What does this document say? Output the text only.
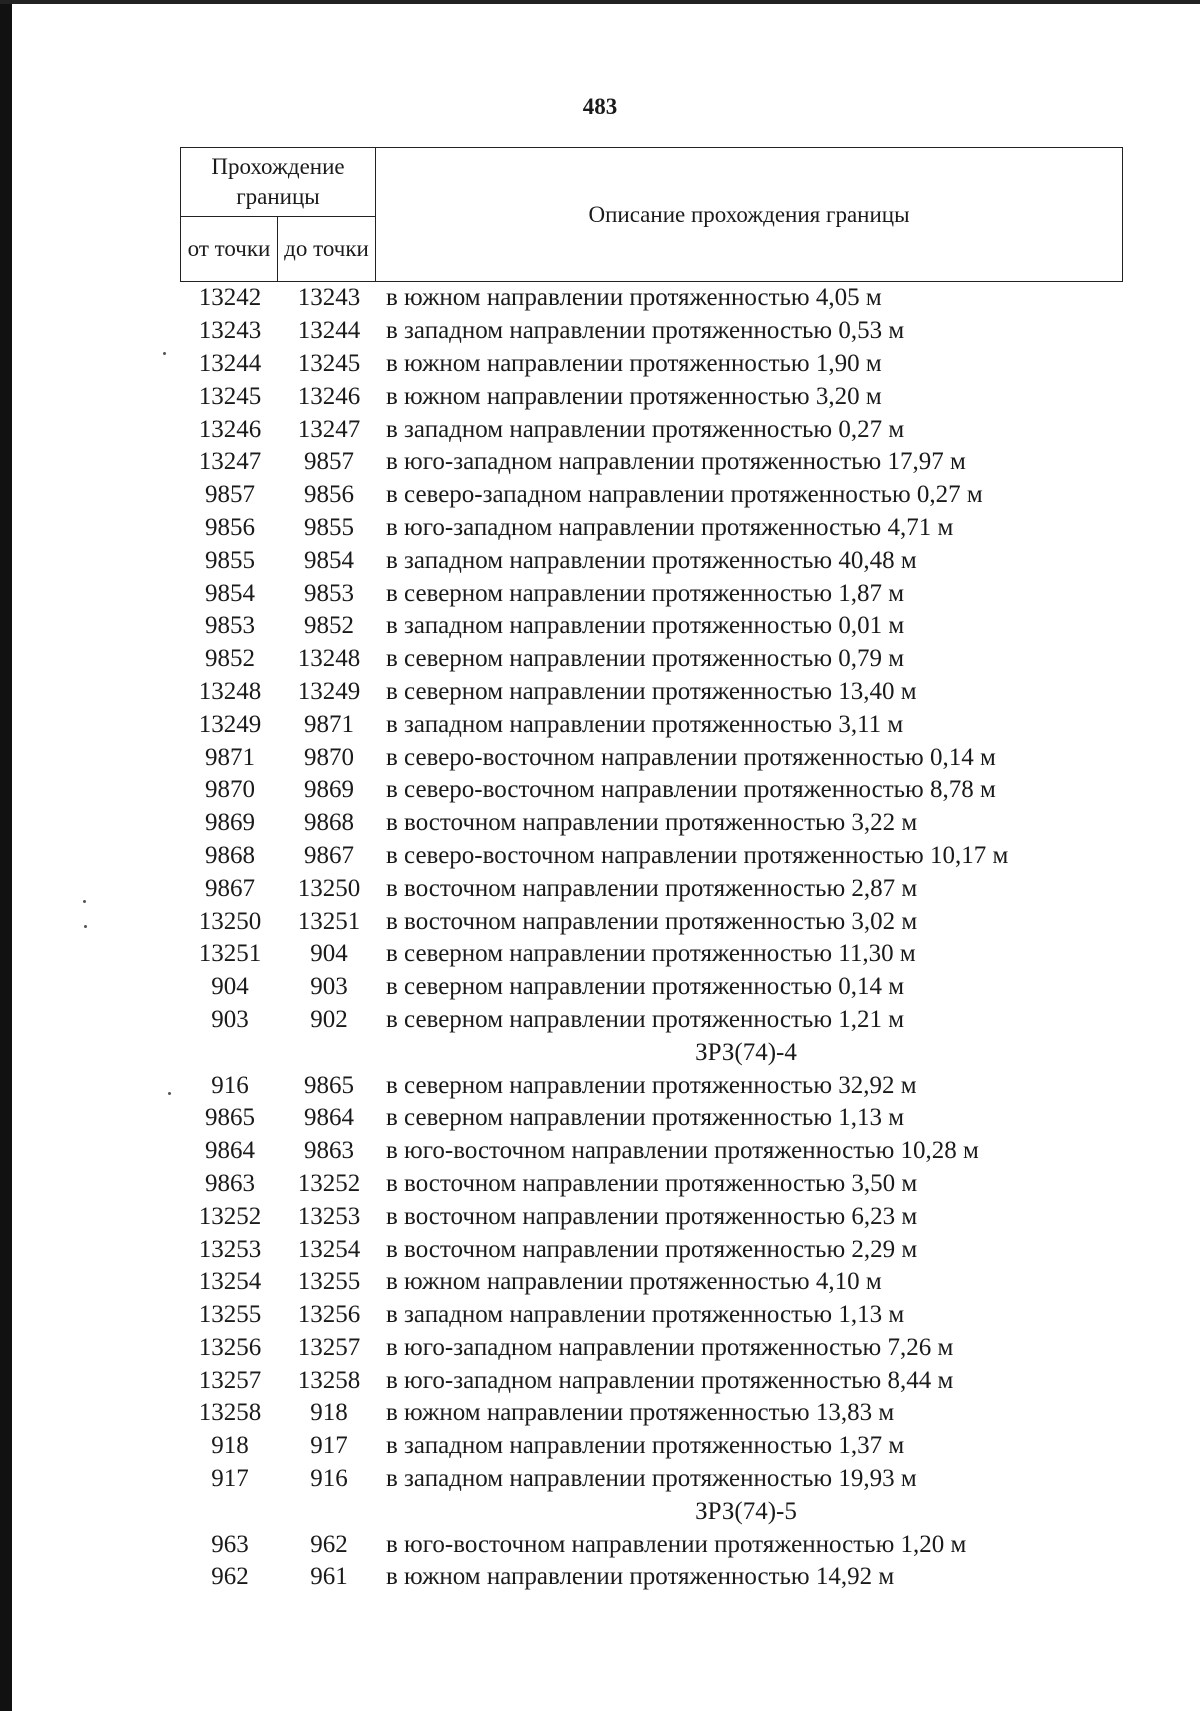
483
Прохождение границы		Описание прохождения границы
от точки	до точки	
13242	13243	в южном направлении протяженностью 4,05 м
13243	13244	в западном направлении протяженностью 0,53 м
13244	13245	в южном направлении протяженностью 1,90 м
13245	13246	в южном направлении протяженностью 3,20 м
13246	13247	в западном направлении протяженностью 0,27 м
13247	9857	в юго-западном направлении протяженностью 17,97 м
9857	9856	в северо-западном направлении протяженностью 0,27 м
9856	9855	в юго-западном направлении протяженностью 4,71 м
9855	9854	в западном направлении протяженностью 40,48 м
9854	9853	в северном направлении протяженностью 1,87 м
9853	9852	в западном направлении протяженностью 0,01 м
9852	13248	в северном направлении протяженностью 0,79 м
13248	13249	в северном направлении протяженностью 13,40 м
13249	9871	в западном направлении протяженностью 3,11 м
9871	9870	в северо-восточном направлении протяженностью 0,14 м
9870	9869	в северо-восточном направлении протяженностью 8,78 м
9869	9868	в восточном направлении протяженностью 3,22 м
9868	9867	в северо-восточном направлении протяженностью 10,17 м
9867	13250	в восточном направлении протяженностью 2,87 м
13250	13251	в восточном направлении протяженностью 3,02 м
13251	904	в северном направлении протяженностью 11,30 м
904	903	в северном направлении протяженностью 0,14 м
903	902	в северном направлении протяженностью 1,21 м
ЗРЗ(74)-4
916	9865	в северном направлении протяженностью 32,92 м
9865	9864	в северном направлении протяженностью 1,13 м
9864	9863	в юго-восточном направлении протяженностью 10,28 м
9863	13252	в восточном направлении протяженностью 3,50 м
13252	13253	в восточном направлении протяженностью 6,23 м
13253	13254	в восточном направлении протяженностью 2,29 м
13254	13255	в южном направлении протяженностью 4,10 м
13255	13256	в западном направлении протяженностью 1,13 м
13256	13257	в юго-западном направлении протяженностью 7,26 м
13257	13258	в юго-западном направлении протяженностью 8,44 м
13258	918	в южном направлении протяженностью 13,83 м
918	917	в западном направлении протяженностью 1,37 м
917	916	в западном направлении протяженностью 19,93 м
ЗРЗ(74)-5
963	962	в юго-восточном направлении протяженностью 1,20 м
962	961	в южном направлении протяженностью 14,92 м
